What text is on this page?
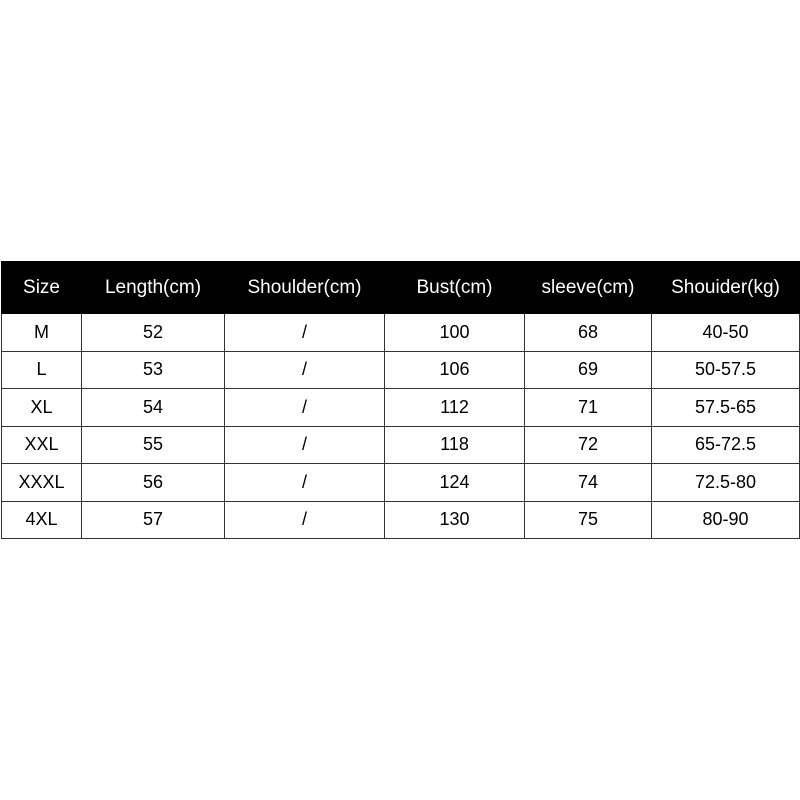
Size	Length(cm)	Shoulder(cm)	Bust(cm)	sleeve(cm)	Shouider(kg)
M	52	/	100	68	40-50
L	53	/	106	69	50-57.5
XL	54	/	112	71	57.5-65
XXL	55	/	118	72	65-72.5
XXXL	56	/	124	74	72.5-80
4XL	57	/	130	75	80-90
